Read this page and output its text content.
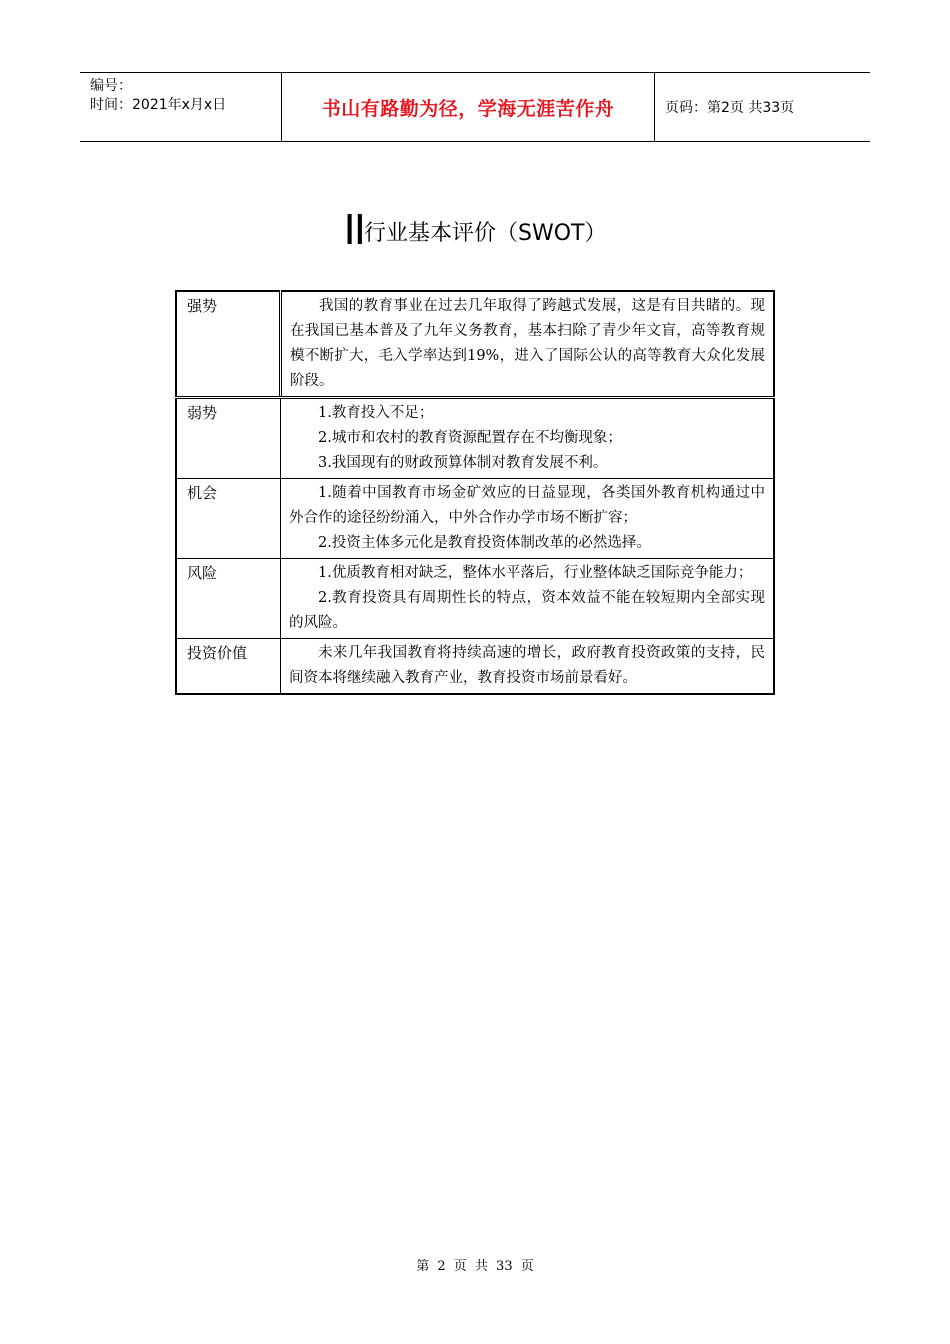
编号：
时间：2021年x月x日	书山有路勤为径，学海无涯苦作舟	页码：第2页 共33页
II行业基本评价（SWOT）
强势	我国的教育事业在过去几年取得了跨越式发展，这是有目共睹的。现在我国已基本普及了九年义务教育，基本扫除了青少年文盲，高等教育规模不断扩大，毛入学率达到19%，进入了国际公认的高等教育大众化发展阶段。

弱势	1.教育投入不足；
2.城市和农村的教育资源配置存在不均衡现象；
3.我国现有的财政预算体制对教育发展不利。

机会	1.随着中国教育市场金矿效应的日益显现，各类国外教育机构通过中外合作的途径纷纷涌入，中外合作办学市场不断扩容；
2.投资主体多元化是教育投资体制改革的必然选择。

风险	1.优质教育相对缺乏，整体水平落后，行业整体缺乏国际竞争能力；
2.教育投资具有周期性长的特点，资本效益不能在较短期内全部实现的风险。

投资价值	未来几年我国教育将持续高速的增长，政府教育投资政策的支持，民间资本将继续融入教育产业，教育投资市场前景看好。
第 2 页 共 33 页
